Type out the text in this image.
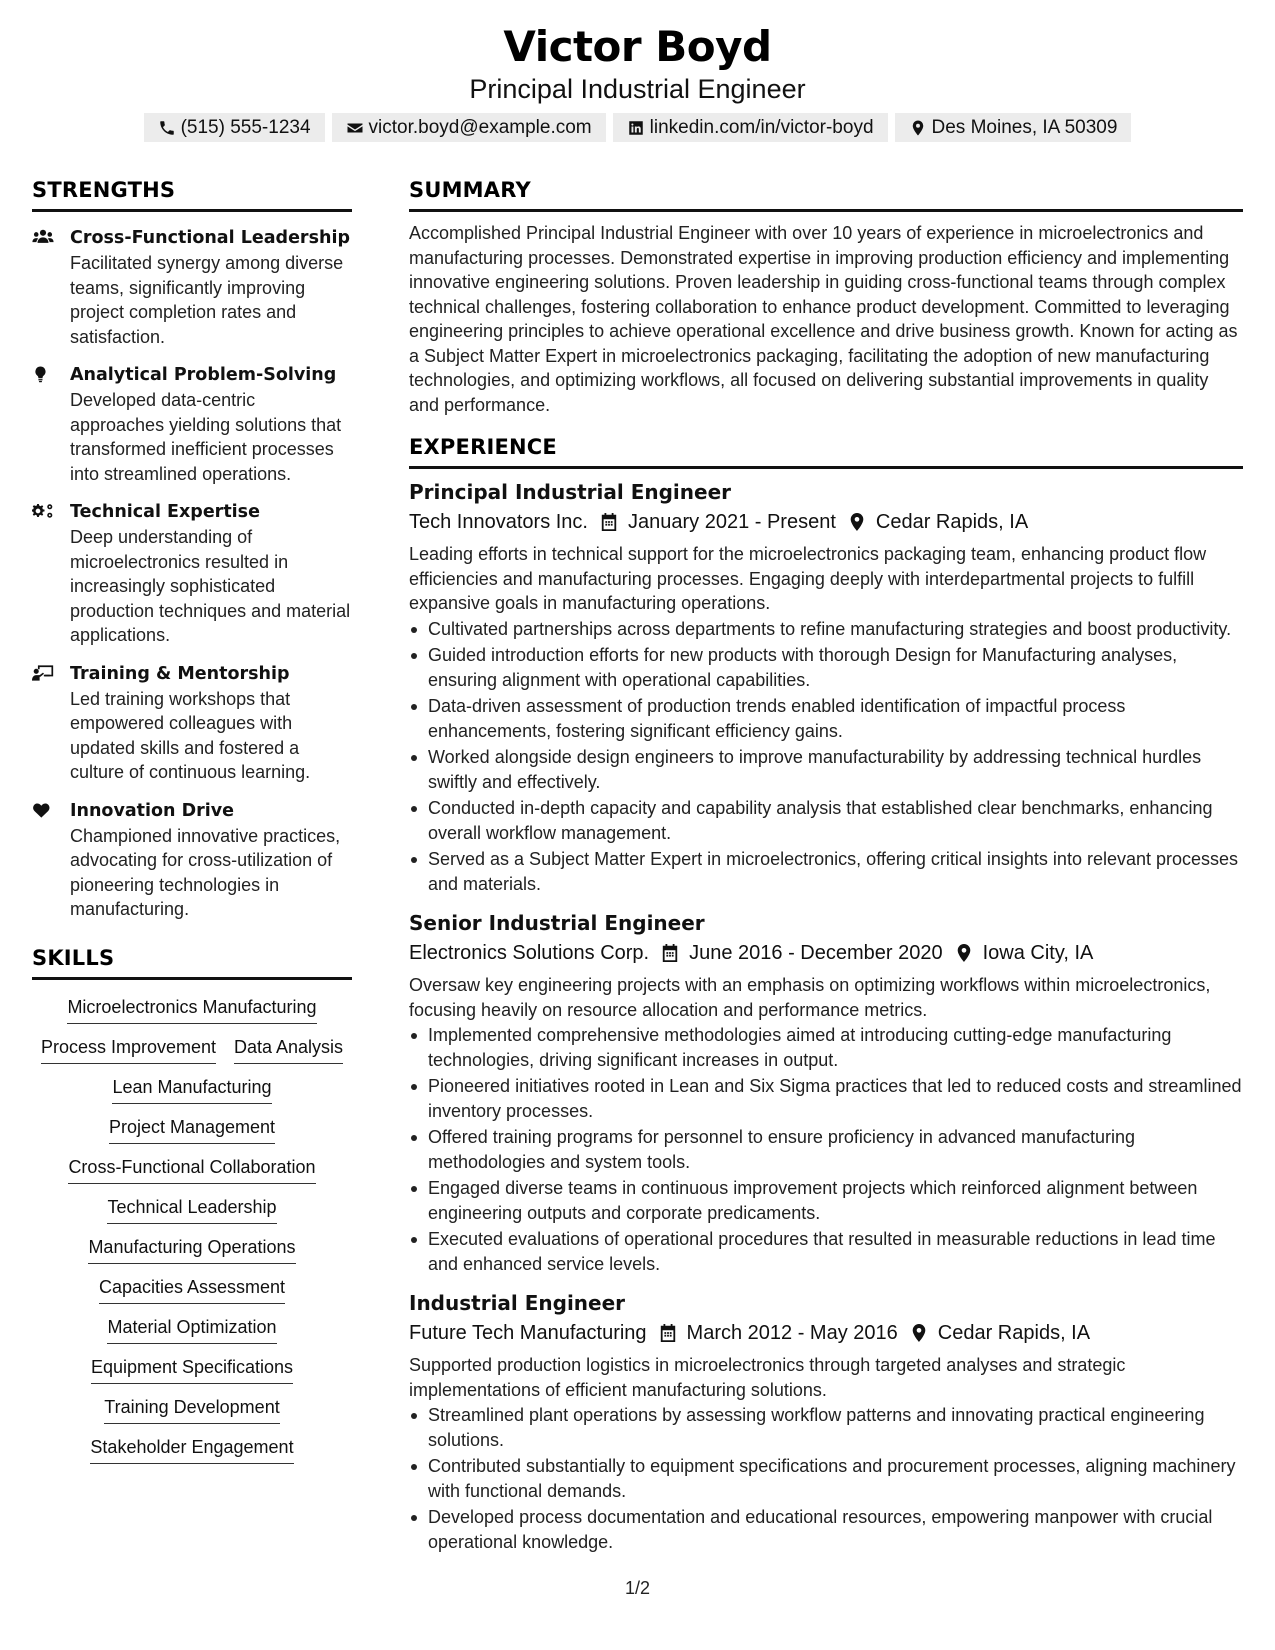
Victor Boyd
Principal Industrial Engineer
(515) 555-1234	victor.boyd@example.com	linkedin.com/in/victor-boyd	Des Moines, IA 50309
STRENGTHS
Cross-Functional Leadership
Facilitated synergy among diverse teams, significantly improving project completion rates and satisfaction.
Analytical Problem-Solving
Developed data-centric approaches yielding solutions that transformed inefficient processes into streamlined operations.
Technical Expertise
Deep understanding of microelectronics resulted in increasingly sophisticated production techniques and material applications.
Training & Mentorship
Led training workshops that empowered colleagues with updated skills and fostered a culture of continuous learning.
Innovation Drive
Championed innovative practices, advocating for cross-utilization of pioneering technologies in manufacturing.
SKILLS
Microelectronics Manufacturing
Process Improvement Data Analysis
Lean Manufacturing
Project Management
Cross-Functional Collaboration
Technical Leadership
Manufacturing Operations
Capacities Assessment
Material Optimization
Equipment Specifications
Training Development
Stakeholder Engagement
SUMMARY
Accomplished Principal Industrial Engineer with over 10 years of experience in microelectronics and manufacturing processes. Demonstrated expertise in improving production efficiency and implementing innovative engineering solutions. Proven leadership in guiding cross-functional teams through complex technical challenges, fostering collaboration to enhance product development. Committed to leveraging engineering principles to achieve operational excellence and drive business growth. Known for acting as a Subject Matter Expert in microelectronics packaging, facilitating the adoption of new manufacturing technologies, and optimizing workflows, all focused on delivering substantial improvements in quality and performance.
EXPERIENCE
Principal Industrial Engineer
Tech Innovators Inc. January 2021 - Present Cedar Rapids, IA
Leading efforts in technical support for the microelectronics packaging team, enhancing product flow efficiencies and manufacturing processes. Engaging deeply with interdepartmental projects to fulfill expansive goals in manufacturing operations.
Cultivated partnerships across departments to refine manufacturing strategies and boost productivity.
Guided introduction efforts for new products with thorough Design for Manufacturing analyses, ensuring alignment with operational capabilities.
Data-driven assessment of production trends enabled identification of impactful process enhancements, fostering significant efficiency gains.
Worked alongside design engineers to improve manufacturability by addressing technical hurdles swiftly and effectively.
Conducted in-depth capacity and capability analysis that established clear benchmarks, enhancing overall workflow management.
Served as a Subject Matter Expert in microelectronics, offering critical insights into relevant processes and materials.
Senior Industrial Engineer
Electronics Solutions Corp. June 2016 - December 2020 Iowa City, IA
Oversaw key engineering projects with an emphasis on optimizing workflows within microelectronics, focusing heavily on resource allocation and performance metrics.
Implemented comprehensive methodologies aimed at introducing cutting-edge manufacturing technologies, driving significant increases in output.
Pioneered initiatives rooted in Lean and Six Sigma practices that led to reduced costs and streamlined inventory processes.
Offered training programs for personnel to ensure proficiency in advanced manufacturing methodologies and system tools.
Engaged diverse teams in continuous improvement projects which reinforced alignment between engineering outputs and corporate predicaments.
Executed evaluations of operational procedures that resulted in measurable reductions in lead time and enhanced service levels.
Industrial Engineer
Future Tech Manufacturing March 2012 - May 2016 Cedar Rapids, IA
Supported production logistics in microelectronics through targeted analyses and strategic implementations of efficient manufacturing solutions.
Streamlined plant operations by assessing workflow patterns and innovating practical engineering solutions.
Contributed substantially to equipment specifications and procurement processes, aligning machinery with functional demands.
Developed process documentation and educational resources, empowering manpower with crucial operational knowledge.
1/2
